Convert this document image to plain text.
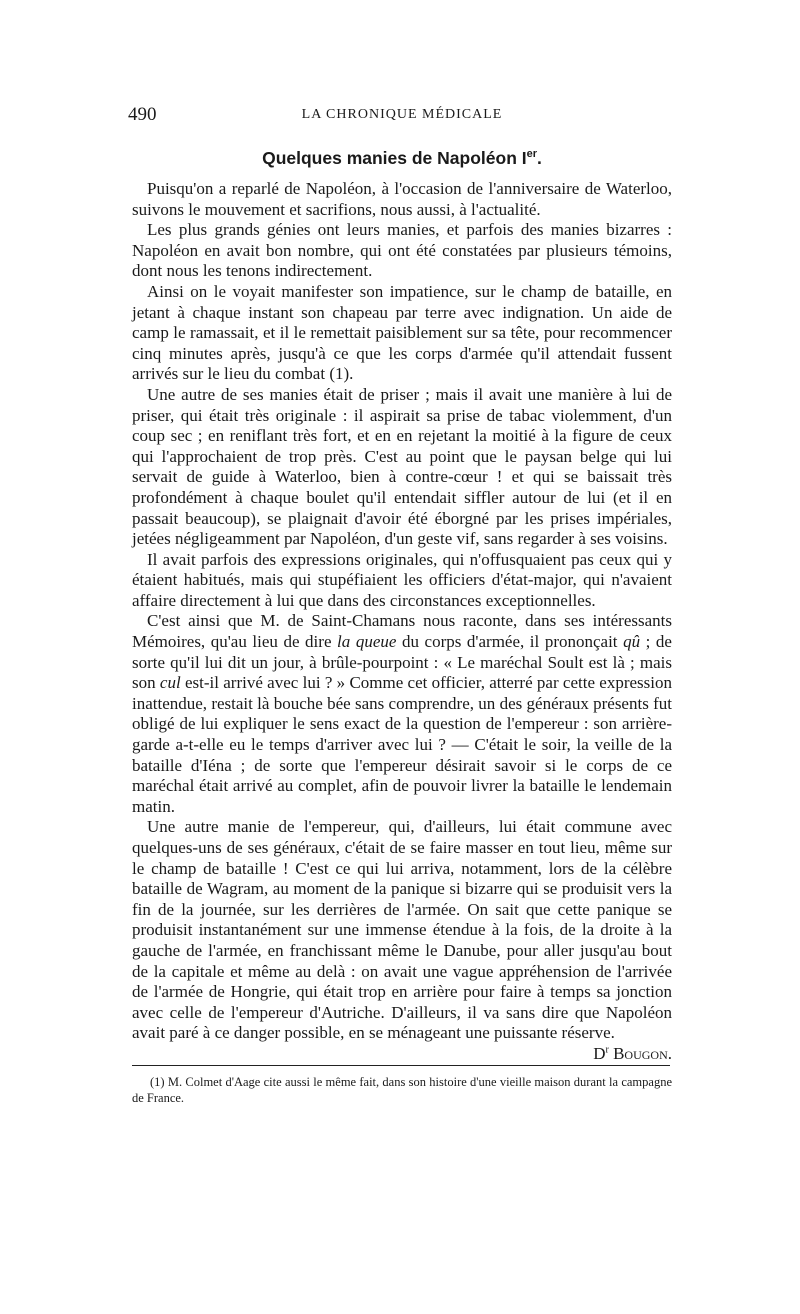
490	LA CHRONIQUE MÉDICALE
Quelques manies de Napoléon Ier.

Puisqu'on a reparlé de Napoléon, à l'occasion de l'anniversaire de Waterloo, suivons le mouvement et sacrifions, nous aussi, à l'actualité.

Les plus grands génies ont leurs manies, et parfois des manies bizarres : Napoléon en avait bon nombre, qui ont été constatées par plusieurs témoins, dont nous les tenons indirectement.

Ainsi on le voyait manifester son impatience, sur le champ de bataille, en jetant à chaque instant son chapeau par terre avec indignation. Un aide de camp le ramassait, et il le remettait paisiblement sur sa tête, pour recommencer cinq minutes après, jusqu'à ce que les corps d'armée qu'il attendait fussent arrivés sur le lieu du combat (1).

Une autre de ses manies était de priser ; mais il avait une manière à lui de priser, qui était très originale : il aspirait sa prise de tabac violemment, d'un coup sec ; en reniflant très fort, et en en rejetant la moitié à la figure de ceux qui l'approchaient de trop près. C'est au point que le paysan belge qui lui servait de guide à Waterloo, bien à contre-cœur ! et qui se baissait très profondément à chaque boulet qu'il entendait siffler autour de lui (et il en passait beaucoup), se plaignait d'avoir été éborgné par les prises impériales, jetées négligeamment par Napoléon, d'un geste vif, sans regarder à ses voisins.

Il avait parfois des expressions originales, qui n'offusquaient pas ceux qui y étaient habitués, mais qui stupéfiaient les officiers d'état-major, qui n'avaient affaire directement à lui que dans des circonstances exceptionnelles.

C'est ainsi que M. de Saint-Chamans nous raconte, dans ses intéressants Mémoires, qu'au lieu de dire la queue du corps d'armée, il prononçait qû ; de sorte qu'il lui dit un jour, à brûle-pourpoint : « Le maréchal Soult est là ; mais son cul est-il arrivé avec lui ? » Comme cet officier, atterré par cette expression inattendue, restait là bouche bée sans comprendre, un des généraux présents fut obligé de lui expliquer le sens exact de la question de l'empereur : son arrière-garde a-t-elle eu le temps d'arriver avec lui ? — C'était le soir, la veille de la bataille d'Iéna ; de sorte que l'empereur désirait savoir si le corps de ce maréchal était arrivé au complet, afin de pouvoir livrer la bataille le lendemain matin.

Une autre manie de l'empereur, qui, d'ailleurs, lui était commune avec quelques-uns de ses généraux, c'était de se faire masser en tout lieu, même sur le champ de bataille ! C'est ce qui lui arriva, notamment, lors de la célèbre bataille de Wagram, au moment de la panique si bizarre qui se produisit vers la fin de la journée, sur les derrières de l'armée. On sait que cette panique se produisit instantanément sur une immense étendue à la fois, de la droite à la gauche de l'armée, en franchissant même le Danube, pour aller jusqu'au bout de la capitale et même au delà : on avait une vague appréhension de l'arrivée de l'armée de Hongrie, qui était trop en arrière pour faire à temps sa jonction avec celle de l'empereur d'Autriche. D'ailleurs, il va sans dire que Napoléon avait paré à ce danger possible, en se ménageant une puissante réserve.
$D^r$ Bougon.

(1) M. Colmet d'Aage cite aussi le même fait, dans son histoire d'une vieille maison durant la campagne de France.
